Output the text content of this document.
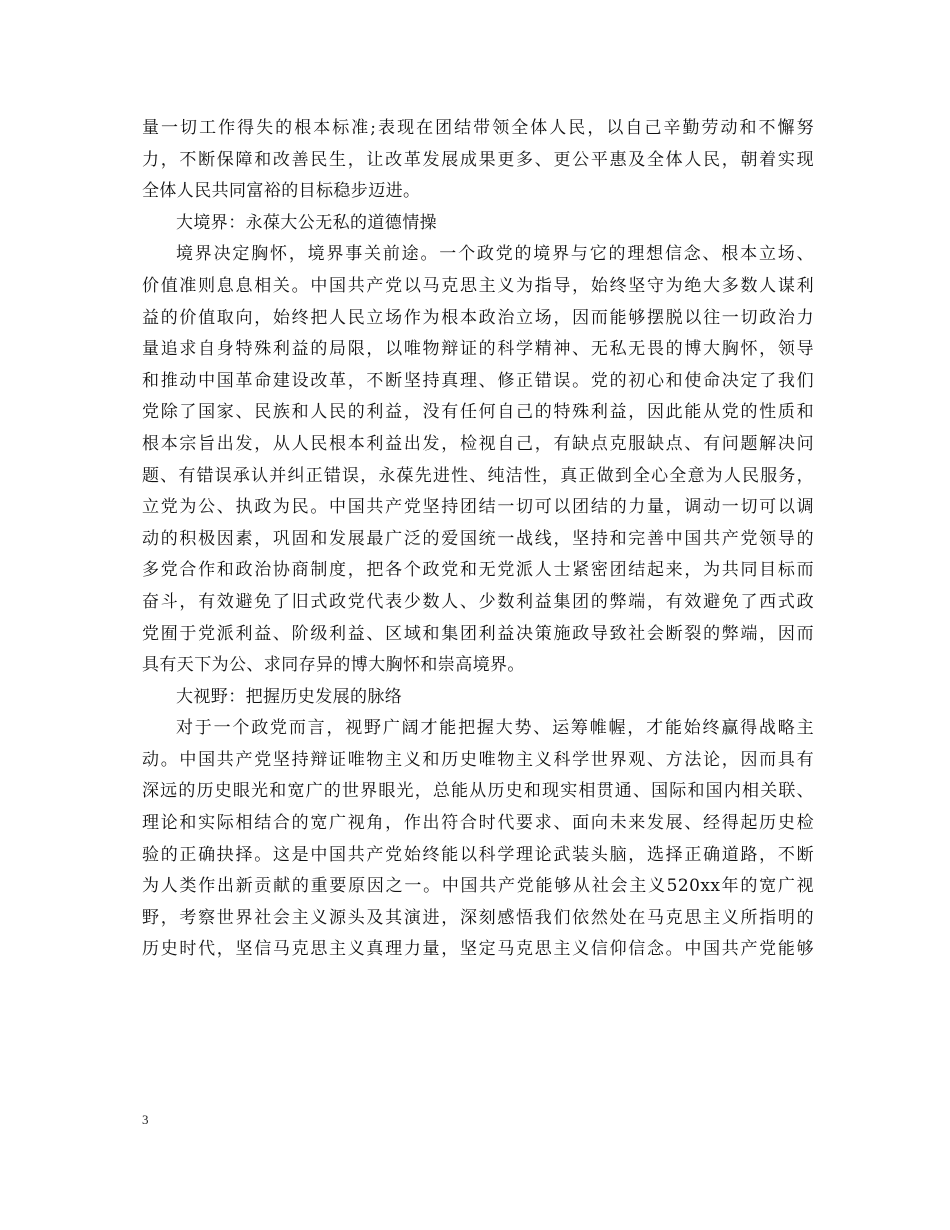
量一切工作得失的根本标准;表现在团结带领全体人民，以自己辛勤劳动和不懈努
力，不断保障和改善民生，让改革发展成果更多、更公平惠及全体人民，朝着实现
全体人民共同富裕的目标稳步迈进。
大境界：永葆大公无私的道德情操
境界决定胸怀，境界事关前途。一个政党的境界与它的理想信念、根本立场、
价值准则息息相关。中国共产党以马克思主义为指导，始终坚守为绝大多数人谋利
益的价值取向，始终把人民立场作为根本政治立场，因而能够摆脱以往一切政治力
量追求自身特殊利益的局限，以唯物辩证的科学精神、无私无畏的博大胸怀，领导
和推动中国革命建设改革，不断坚持真理、修正错误。党的初心和使命决定了我们
党除了国家、民族和人民的利益，没有任何自己的特殊利益，因此能从党的性质和
根本宗旨出发，从人民根本利益出发，检视自己，有缺点克服缺点、有问题解决问
题、有错误承认并纠正错误，永葆先进性、纯洁性，真正做到全心全意为人民服务，
立党为公、执政为民。中国共产党坚持团结一切可以团结的力量，调动一切可以调
动的积极因素，巩固和发展最广泛的爱国统一战线，坚持和完善中国共产党领导的
多党合作和政治协商制度，把各个政党和无党派人士紧密团结起来，为共同目标而
奋斗，有效避免了旧式政党代表少数人、少数利益集团的弊端，有效避免了西式政
党囿于党派利益、阶级利益、区域和集团利益决策施政导致社会断裂的弊端，因而
具有天下为公、求同存异的博大胸怀和崇高境界。
大视野：把握历史发展的脉络
对于一个政党而言，视野广阔才能把握大势、运筹帷幄，才能始终赢得战略主
动。中国共产党坚持辩证唯物主义和历史唯物主义科学世界观、方法论，因而具有
深远的历史眼光和宽广的世界眼光，总能从历史和现实相贯通、国际和国内相关联、
理论和实际相结合的宽广视角，作出符合时代要求、面向未来发展、经得起历史检
验的正确抉择。这是中国共产党始终能以科学理论武装头脑，选择正确道路，不断
为人类作出新贡献的重要原因之一。中国共产党能够从社会主义520xx年的宽广视
野，考察世界社会主义源头及其演进，深刻感悟我们依然处在马克思主义所指明的
历史时代，坚信马克思主义真理力量，坚定马克思主义信仰信念。中国共产党能够
3
